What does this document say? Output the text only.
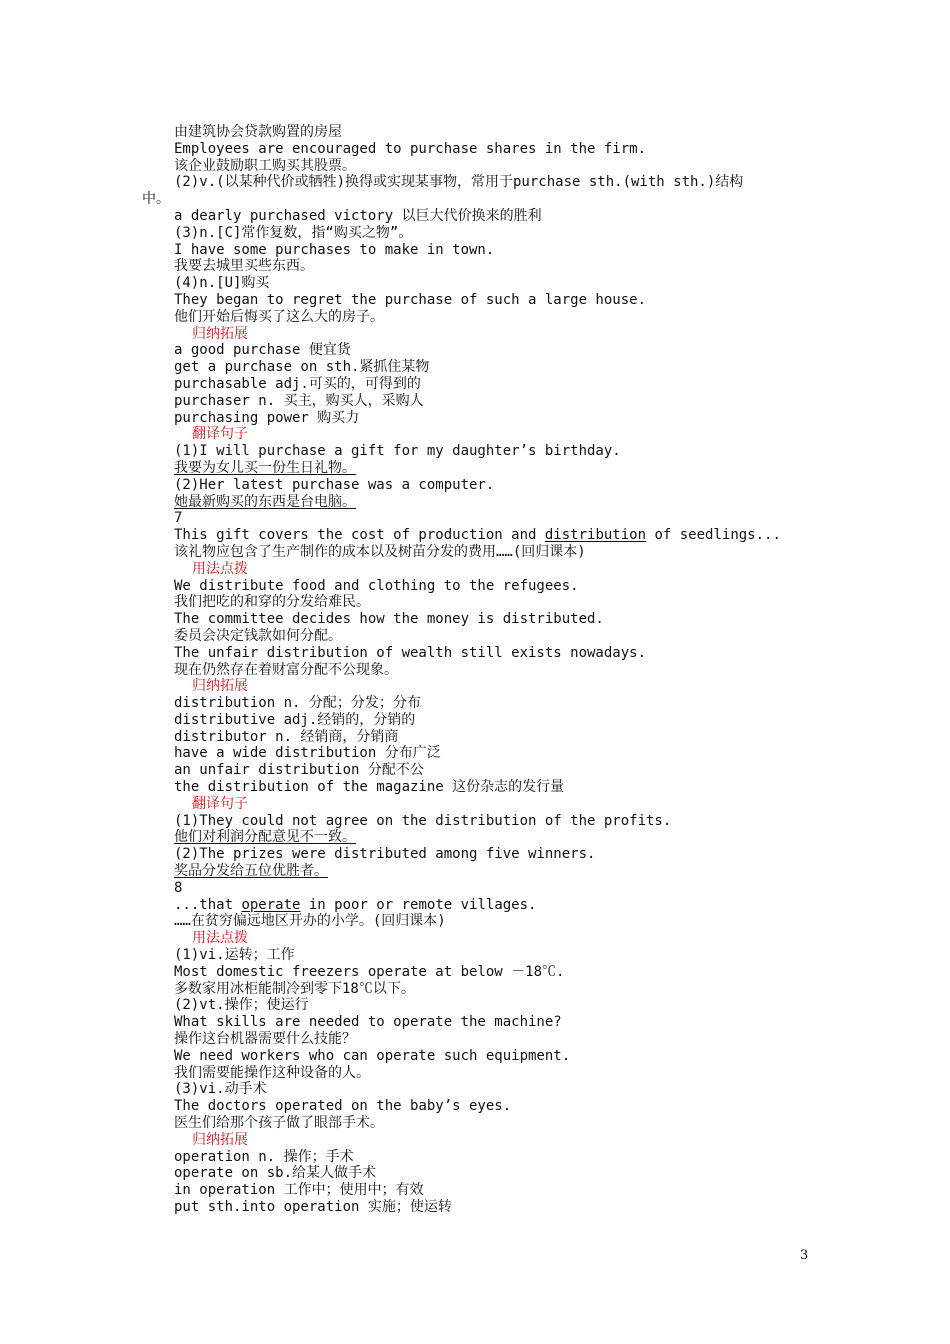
由建筑协会贷款购置的房屋
Employees are encouraged to purchase shares in the firm.
该企业鼓励职工购买其股票。
(2)v.(以某种代价或牺牲)换得或实现某事物，常用于purchase sth.(with sth.)结构
中。
a dearly purchased victory 以巨大代价换来的胜利
(3)n.[C]常作复数，指“购买之物”。
I have some purchases to make in town.
我要去城里买些东西。
(4)n.[U]购买
They began to regret the purchase of such a large house.
他们开始后悔买了这么大的房子。
归纳拓展
a good purchase 便宜货
get a purchase on sth.紧抓住某物
purchasable adj.可买的，可得到的
purchaser n. 买主，购买人，采购人
purchasing power 购买力
翻译句子
(1)I will purchase a gift for my daughter’s birthday.
我要为女儿买一份生日礼物。
(2)Her latest purchase was a computer.
她最新购买的东西是台电脑。
7
This gift covers the cost of production and distribution of seedlings...
该礼物应包含了生产制作的成本以及树苗分发的费用……(回归课本)
用法点拨
We distribute food and clothing to the refugees.
我们把吃的和穿的分发给难民。
The committee decides how the money is distributed.
委员会决定钱款如何分配。
The unfair distribution of wealth still exists nowadays.
现在仍然存在着财富分配不公现象。
归纳拓展
distribution n. 分配；分发；分布
distributive adj.经销的，分销的
distributor n. 经销商，分销商
have a wide distribution 分布广泛
an unfair distribution 分配不公
the distribution of the magazine 这份杂志的发行量
翻译句子
(1)They could not agree on the distribution of the profits.
他们对利润分配意见不一致。
(2)The prizes were distributed among five winners.
奖品分发给五位优胜者。
8
...that operate in poor or remote villages.
……在贫穷偏远地区开办的小学。(回归课本)
用法点拨
(1)vi.运转；工作
Most domestic freezers operate at below －18℃.
多数家用冰柜能制冷到零下18℃以下。
(2)vt.操作；使运行
What skills are needed to operate the machine?
操作这台机器需要什么技能？
We need workers who can operate such equipment.
我们需要能操作这种设备的人。
(3)vi.动手术
The doctors operated on the baby’s eyes.
医生们给那个孩子做了眼部手术。
归纳拓展
operation n. 操作；手术
operate on sb.给某人做手术
in operation 工作中；使用中；有效
put sth.into operation 实施；使运转
3
